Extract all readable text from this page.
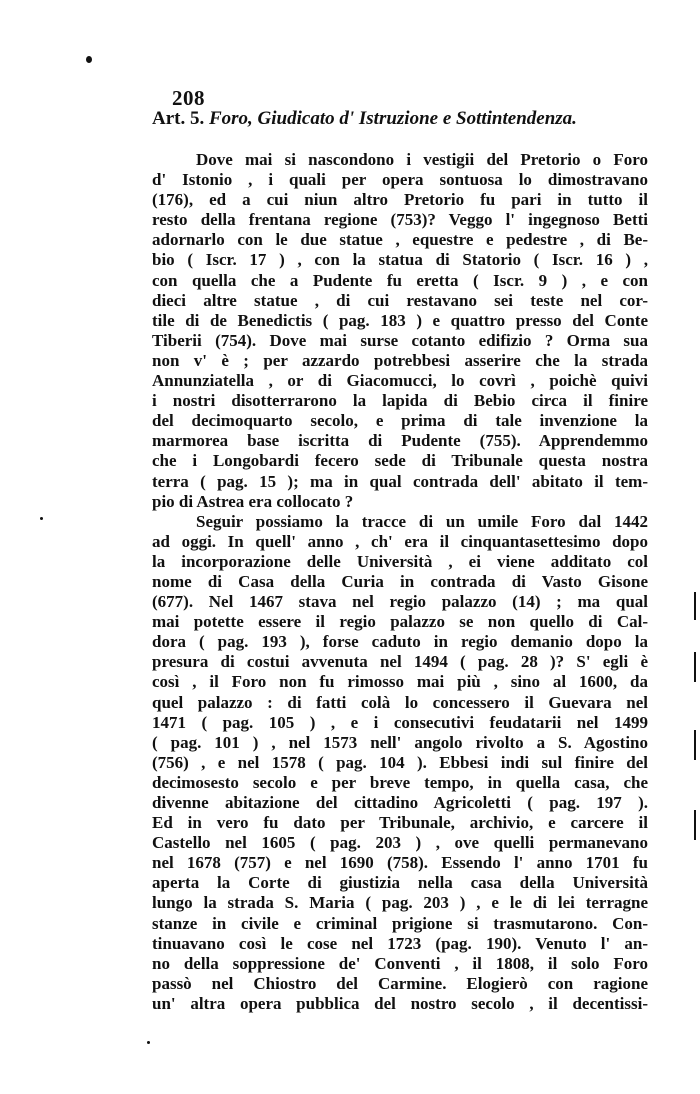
208
Art. 5. Foro, Giudicato d' Istruzione e Sottintendenza.
Dove mai si nascondono i vestigii del Pretorio o Foro
d' Istonio , i quali per opera sontuosa lo dimostravano
(176), ed a cui niun altro Pretorio fu pari in tutto il
resto della frentana regione (753)? Veggo l' ingegnoso Betti
adornarlo con le due statue , equestre e pedestre , di Be-
bio ( Iscr. 17 ) , con la statua di Statorio ( Iscr. 16 ) ,
con quella che a Pudente fu eretta ( Iscr. 9 ) , e con
dieci altre statue , di cui restavano sei teste nel cor-
tile di de Benedictis ( pag. 183 ) e quattro presso del Conte
Tiberii (754). Dove mai surse cotanto edifizio ? Orma sua
non v' è ; per azzardo potrebbesi asserire che la strada
Annunziatella , or di Giacomucci, lo covrì , poichè quivi
i nostri disotterrarono la lapida di Bebio circa il finire
del decimoquarto secolo, e prima di tale invenzione la
marmorea base iscritta di Pudente (755). Apprendemmo
che i Longobardi fecero sede di Tribunale questa nostra
terra ( pag. 15 ); ma in qual contrada dell' abitato il tem-
pio di Astrea era collocato ?
Seguir possiamo la tracce di un umile Foro dal 1442
ad oggi. In quell' anno , ch' era il cinquantasettesimo dopo
la incorporazione delle Università , ei viene additato col
nome di Casa della Curia in contrada di Vasto Gisone
(677). Nel 1467 stava nel regio palazzo (14) ; ma qual
mai potette essere il regio palazzo se non quello di Cal-
dora ( pag. 193 ), forse caduto in regio demanio dopo la
presura di costui avvenuta nel 1494 ( pag. 28 )? S' egli è
così , il Foro non fu rimosso mai più , sino al 1600, da
quel palazzo : di fatti colà lo concessero il Guevara nel
1471 ( pag. 105 ) , e i consecutivi feudatarii nel 1499
( pag. 101 ) , nel 1573 nell' angolo rivolto a S. Agostino
(756) , e nel 1578 ( pag. 104 ). Ebbesi indi sul finire del
decimosesto secolo e per breve tempo, in quella casa, che
divenne abitazione del cittadino Agricoletti ( pag. 197 ).
Ed in vero fu dato per Tribunale, archivio, e carcere il
Castello nel 1605 ( pag. 203 ) , ove quelli permanevano
nel 1678 (757) e nel 1690 (758). Essendo l' anno 1701 fu
aperta la Corte di giustizia nella casa della Università
lungo la strada S. Maria ( pag. 203 ) , e le di lei terragne
stanze in civile e criminal prigione si trasmutarono. Con-
tinuavano così le cose nel 1723 (pag. 190). Venuto l' an-
no della soppressione de' Conventi , il 1808, il solo Foro
passò nel Chiostro del Carmine. Elogierò con ragione
un' altra opera pubblica del nostro secolo , il decentissi-
